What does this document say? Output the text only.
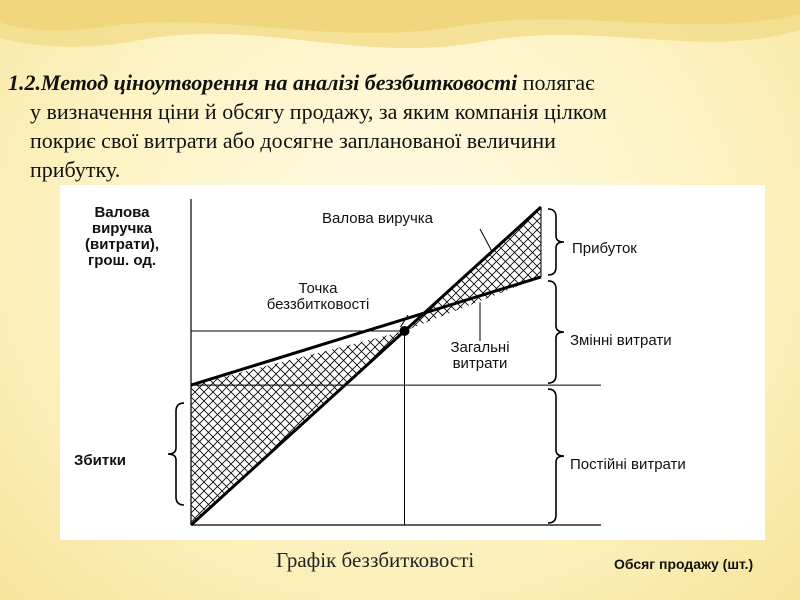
1.2.Метод ціноутворення на аналізі беззбитковості полягає
у визначення ціни й обсягу продажу, за яким компанія цілком
покриє свої витрати або досягне запланованої величини
прибутку.
Валова
виручка
(витрати),
грош. од.
Валова виручка
Точка
беззбитковості
Загальні
витрати
Прибуток
Змінні витрати
Постійні витрати
Збитки
Графік беззбитковості	Обсяг продажу (шт.)
